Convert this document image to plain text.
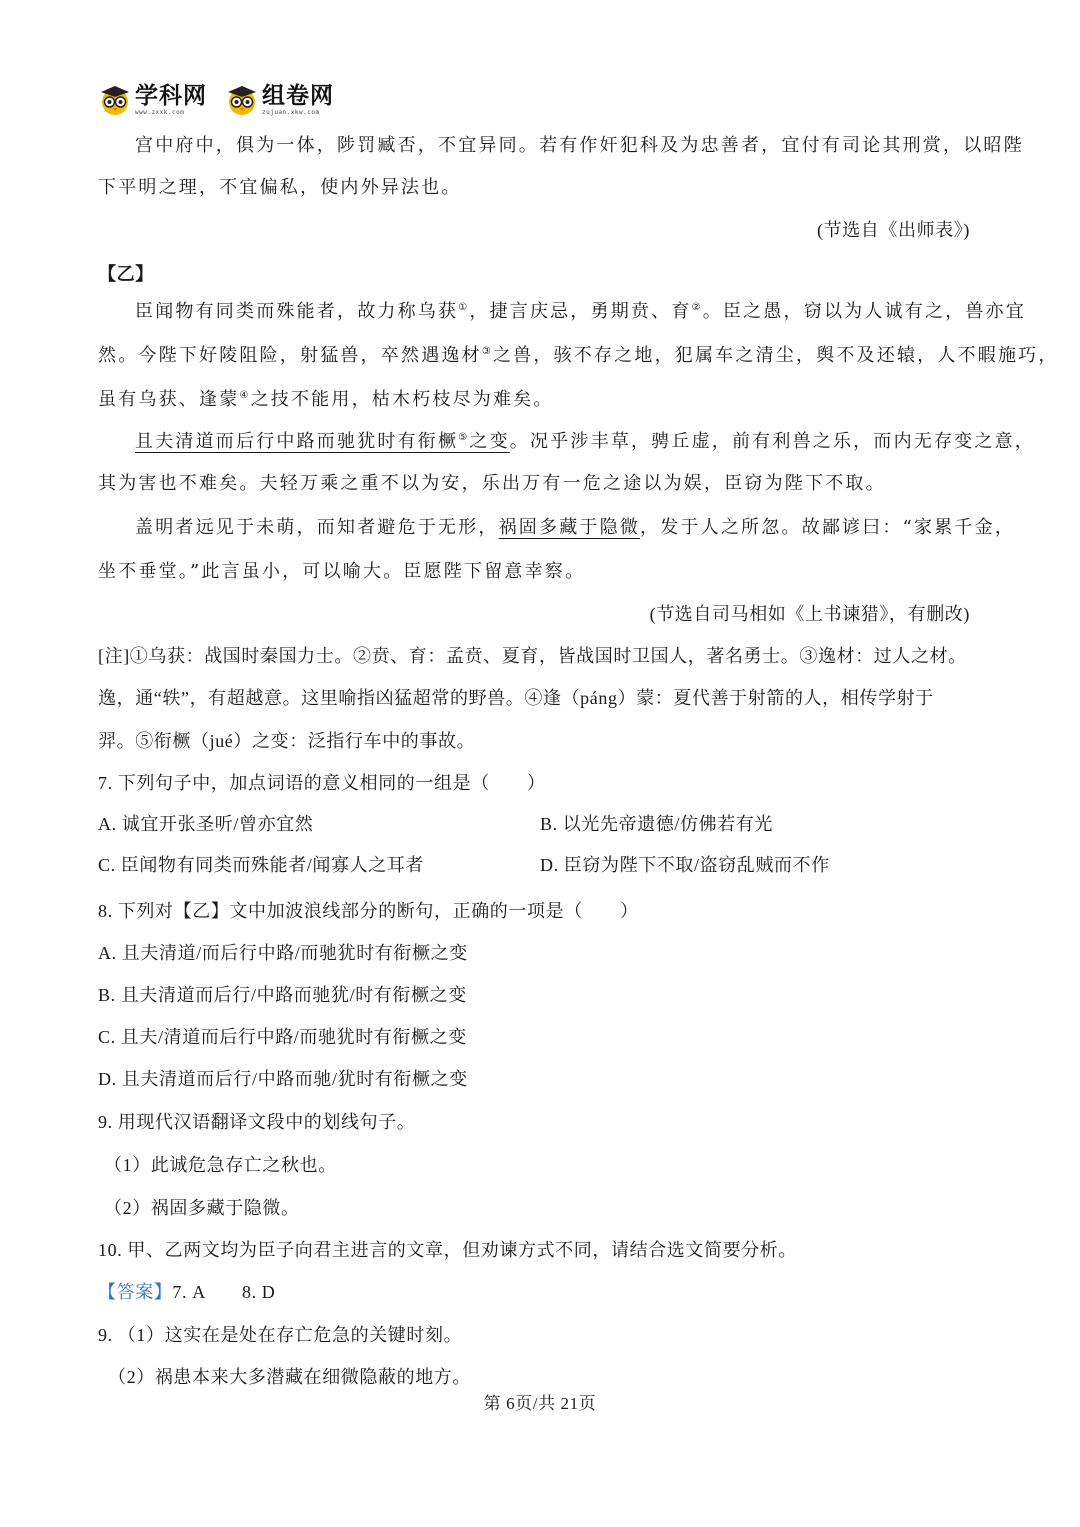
学科网
www.zxxk.com
组卷网
zujuan.xkw.com
宫中府中，俱为一体，陟罚臧否，不宜异同。若有作奸犯科及为忠善者，宜付有司论其刑赏，以昭陛
下平明之理，不宜偏私，使内外异法也。
(节选自《出师表》)
【乙】
臣闻物有同类而殊能者，故力称乌获①，捷言庆忌，勇期贲、育②。臣之愚，窃以为人诚有之，兽亦宜
然。今陛下好陵阻险，射猛兽，卒然遇逸材③之兽，骇不存之地，犯属车之清尘，舆不及还辕，人不暇施巧，
虽有乌获、逢蒙④之技不能用，枯木朽枝尽为难矣。
且夫清道而后行中路而驰犹时有衔橛⑤之变。况乎涉丰草，骋丘虚，前有利兽之乐，而内无存变之意，
其为害也不难矣。夫轻万乘之重不以为安，乐出万有一危之途以为娱，臣窃为陛下不取。
盖明者远见于未萌，而知者避危于无形，祸固多藏于隐微，发于人之所忽。故鄙谚曰：“家累千金，
坐不垂堂。”此言虽小，可以喻大。臣愿陛下留意幸察。
(节选自司马相如《上书谏猎》，有删改)
[注]①乌获：战国时秦国力士。②贲、育：孟贲、夏育，皆战国时卫国人，著名勇士。③逸材：过人之材。
逸，通“轶”，有超越意。这里喻指凶猛超常的野兽。④逢（páng）蒙：夏代善于射箭的人，相传学射于
羿。⑤衔橛（jué）之变：泛指行车中的事故。
7. 下列句子中，加点词语的意义相同的一组是（　　）
A. 诚宜开张圣听/曾亦宜然	B. 以光先帝遗德/仿佛若有光
C. 臣闻物有同类而殊能者/闻寡人之耳者	D. 臣窃为陛下不取/盗窃乱贼而不作
8. 下列对【乙】文中加波浪线部分的断句，正确的一项是（　　）
A. 且夫清道/而后行中路/而驰犹时有衔橛之变
B. 且夫清道而后行/中路而驰犹/时有衔橛之变
C. 且夫/清道而后行中路/而驰犹时有衔橛之变
D. 且夫清道而后行/中路而驰/犹时有衔橛之变
9. 用现代汉语翻译文段中的划线句子。
（1）此诚危急存亡之秋也。
（2）祸固多藏于隐微。
10. 甲、乙两文均为臣子向君主进言的文章，但劝谏方式不同，请结合选文简要分析。
【答案】7. A　　8. D
9. （1）这实在是处在存亡危急的关键时刻。
（2）祸患本来大多潜藏在细微隐蔽的地方。
第 6页/共 21页
